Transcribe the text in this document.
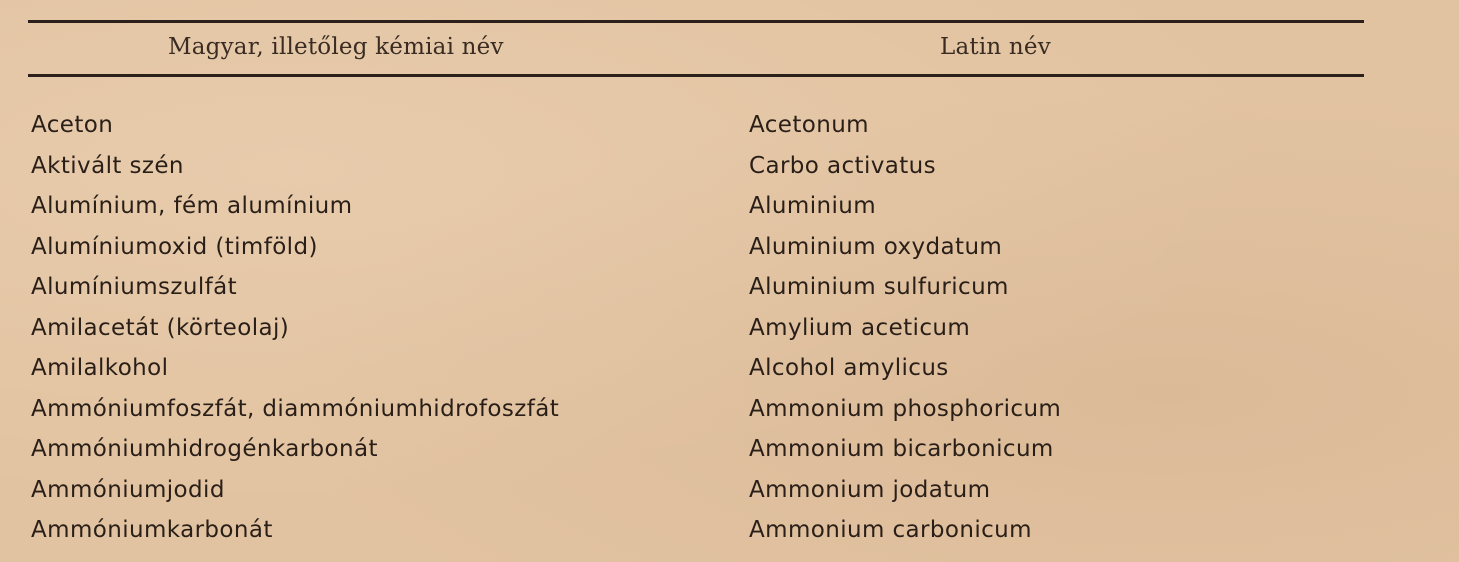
Magyar, illetőleg kémiai név	Latin név
Aceton	Acetonum
Aktivált szén	Carbo activatus
Alumínium, fém alumínium	Aluminium
Alumíniumoxid (timföld)	Aluminium oxydatum
Alumíniumszulfát	Aluminium sulfuricum
Amilacetát (körteolaj)	Amylium aceticum
Amilalkohol	Alcohol amylicus
Ammóniumfoszfát, diammóniumhidrofoszfát	Ammonium phosphoricum
Ammóniumhidrogénkarbonát	Ammonium bicarbonicum
Ammóniumjodid	Ammonium jodatum
Ammóniumkarbonát	Ammonium carbonicum
